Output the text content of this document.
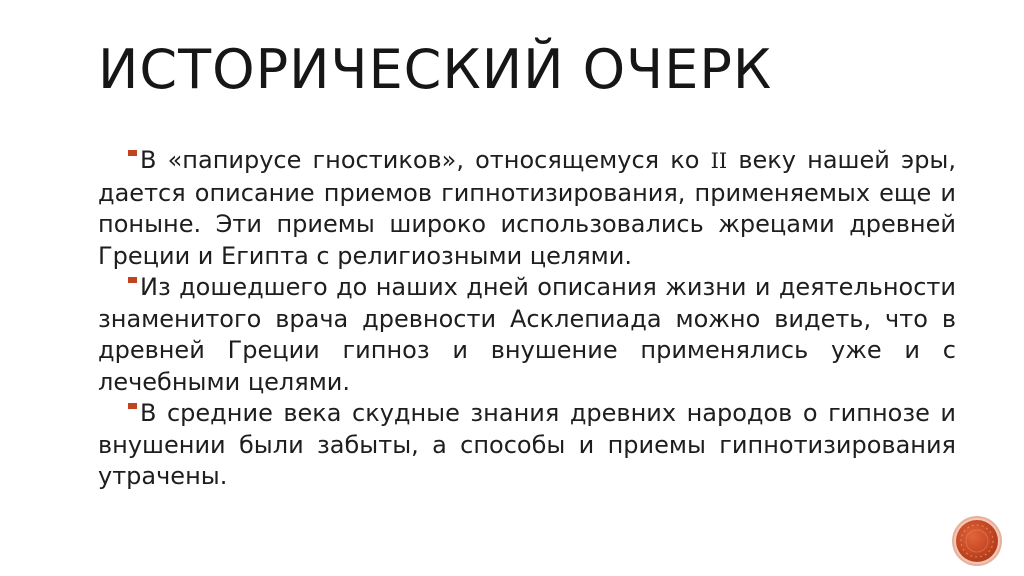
ИСТОРИЧЕСКИЙ ОЧЕРК

В «папирусе гностиков», относящемуся ко II веку нашей эры, дается описание приемов гипнотизирования, применяемых еще и поныне. Эти приемы широко использовались жрецами древней Греции и Египта с религиозными целями.

Из дошедшего до наших дней описания жизни и деятельности знаменитого врача древности Асклепиада можно видеть, что в древней Греции гипноз и внушение применялись уже и с лечебными целями.

В средние века скудные знания древних народов о гипнозе и внушении были забыты, а способы и приемы гипнотизирования утрачены.
